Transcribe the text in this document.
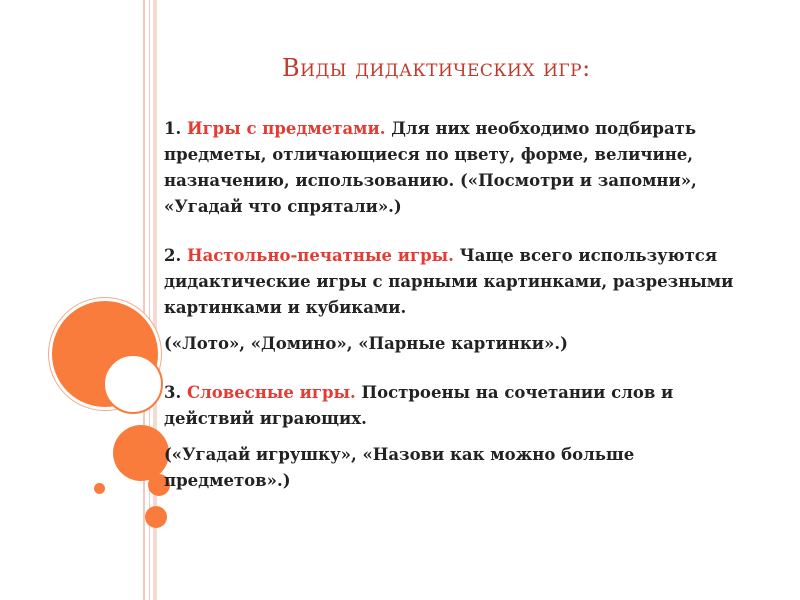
Виды дидактических игр:

1. Игры с предметами. Для них необходимо подбирать предметы, отличающиеся по цвету, форме, величине, назначению, использованию. («Посмотри и запомни», «Угадай что спрятали».)

2. Настольно-печатные игры. Чаще всего используются дидактические игры с парными картинками, разрезными картинками и кубиками.

(«Лото», «Домино», «Парные картинки».)

3. Словесные игры. Построены на сочетании слов и действий играющих.

(«Угадай игрушку», «Назови как можно больше предметов».)
